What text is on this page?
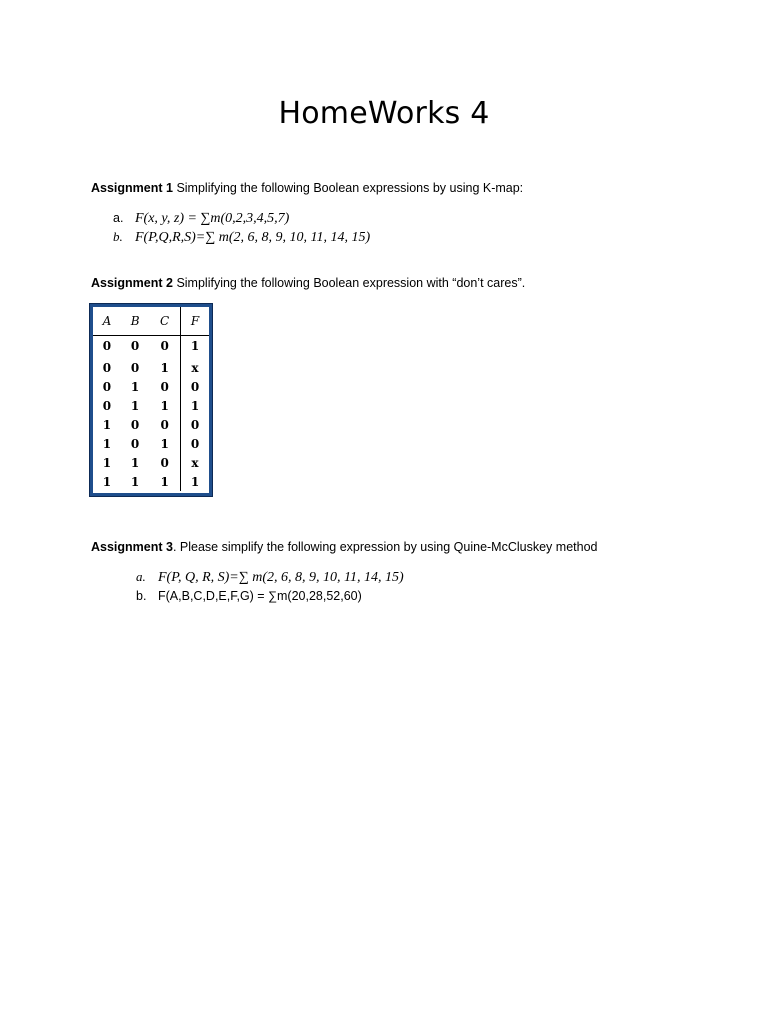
HomeWorks 4

Assignment 1 Simplifying the following Boolean expressions by using K-map:

a. F(x, y, z) = ∑m(0,2,3,4,5,7)
b. F(P,Q,R,S)=∑ m(2, 6, 8, 9, 10, 11, 14, 15)

Assignment 2 Simplifying the following Boolean expression with “don’t cares”.

A	B	C	F
0	0	0	1
0	0	1	x
0	1	0	0
0	1	1	1
1	0	0	0
1	0	1	0
1	1	0	x
1	1	1	1

Assignment 3. Please simplify the following expression by using Quine-McCluskey method

a. F(P, Q, R, S)=∑ m(2, 6, 8, 9, 10, 11, 14, 15)
b. F(A,B,C,D,E,F,G) = ∑m(20,28,52,60)
